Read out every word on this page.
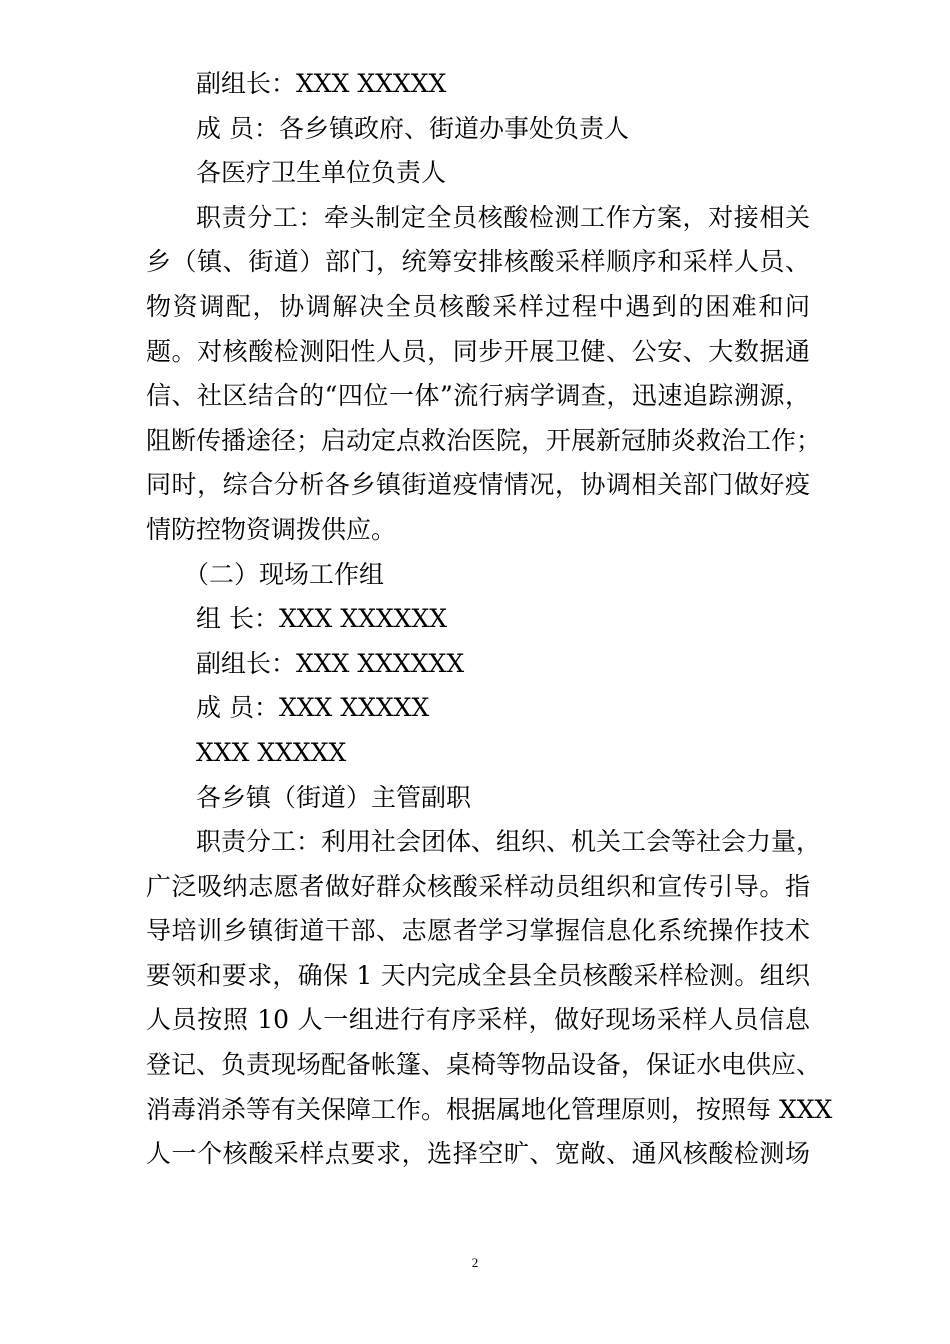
副组长：XXX XXXXX
成 员：各乡镇政府、街道办事处负责人
各医疗卫生单位负责人
职责分工：牵头制定全员核酸检测工作方案，对接相关
乡（镇、街道）部门，统筹安排核酸采样顺序和采样人员、
物资调配，协调解决全员核酸采样过程中遇到的困难和问
题。对核酸检测阳性人员，同步开展卫健、公安、大数据通
信、社区结合的“四位一体”流行病学调查，迅速追踪溯源，
阻断传播途径；启动定点救治医院，开展新冠肺炎救治工作；
同时，综合分析各乡镇街道疫情情况，协调相关部门做好疫
情防控物资调拨供应。
（二）现场工作组
组 长：XXX XXXXXX
副组长：XXX XXXXXX
成 员：XXX XXXXX
XXX XXXXX
各乡镇（街道）主管副职
职责分工：利用社会团体、组织、机关工会等社会力量，
广泛吸纳志愿者做好群众核酸采样动员组织和宣传引导。指
导培训乡镇街道干部、志愿者学习掌握信息化系统操作技术
要领和要求，确保 1 天内完成全县全员核酸采样检测。组织
人员按照 10 人一组进行有序采样，做好现场采样人员信息
登记、负责现场配备帐篷、桌椅等物品设备，保证水电供应、
消毒消杀等有关保障工作。根据属地化管理原则，按照每 XXX
人一个核酸采样点要求，选择空旷、宽敞、通风核酸检测场
2
